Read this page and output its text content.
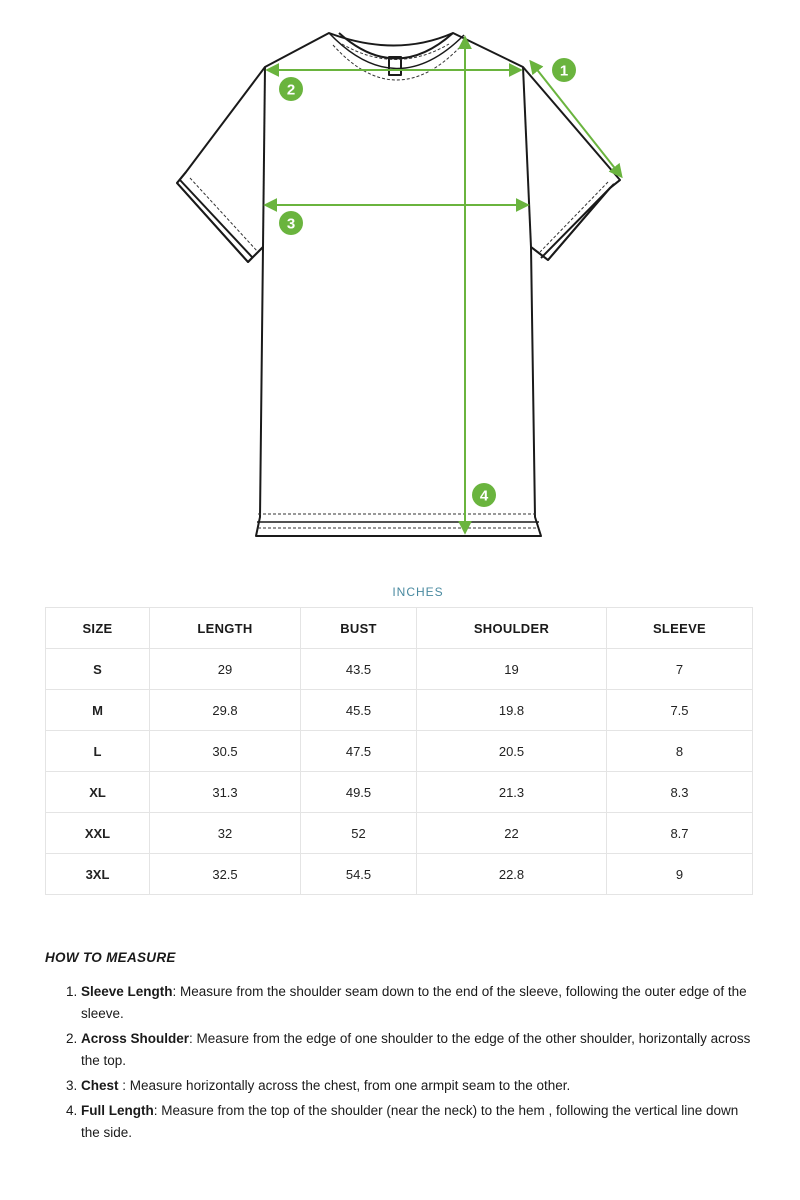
1
2
3
4
INCHES
SIZE	LENGTH	BUST	SHOULDER	SLEEVE
S	29	43.5	19	7
M	29.8	45.5	19.8	7.5
L	30.5	47.5	20.5	8
XL	31.3	49.5	21.3	8.3
XXL	32	52	22	8.7
3XL	32.5	54.5	22.8	9

HOW TO MEASURE

1. Sleeve Length: Measure from the shoulder seam down to the end of the sleeve, following the outer edge of the sleeve.
2. Across Shoulder: Measure from the edge of one shoulder to the edge of the other shoulder, horizontally across the top.
3. Chest : Measure horizontally across the chest, from one armpit seam to the other.
4. Full Length: Measure from the top of the shoulder (near the neck) to the hem , following the vertical line down the side.
